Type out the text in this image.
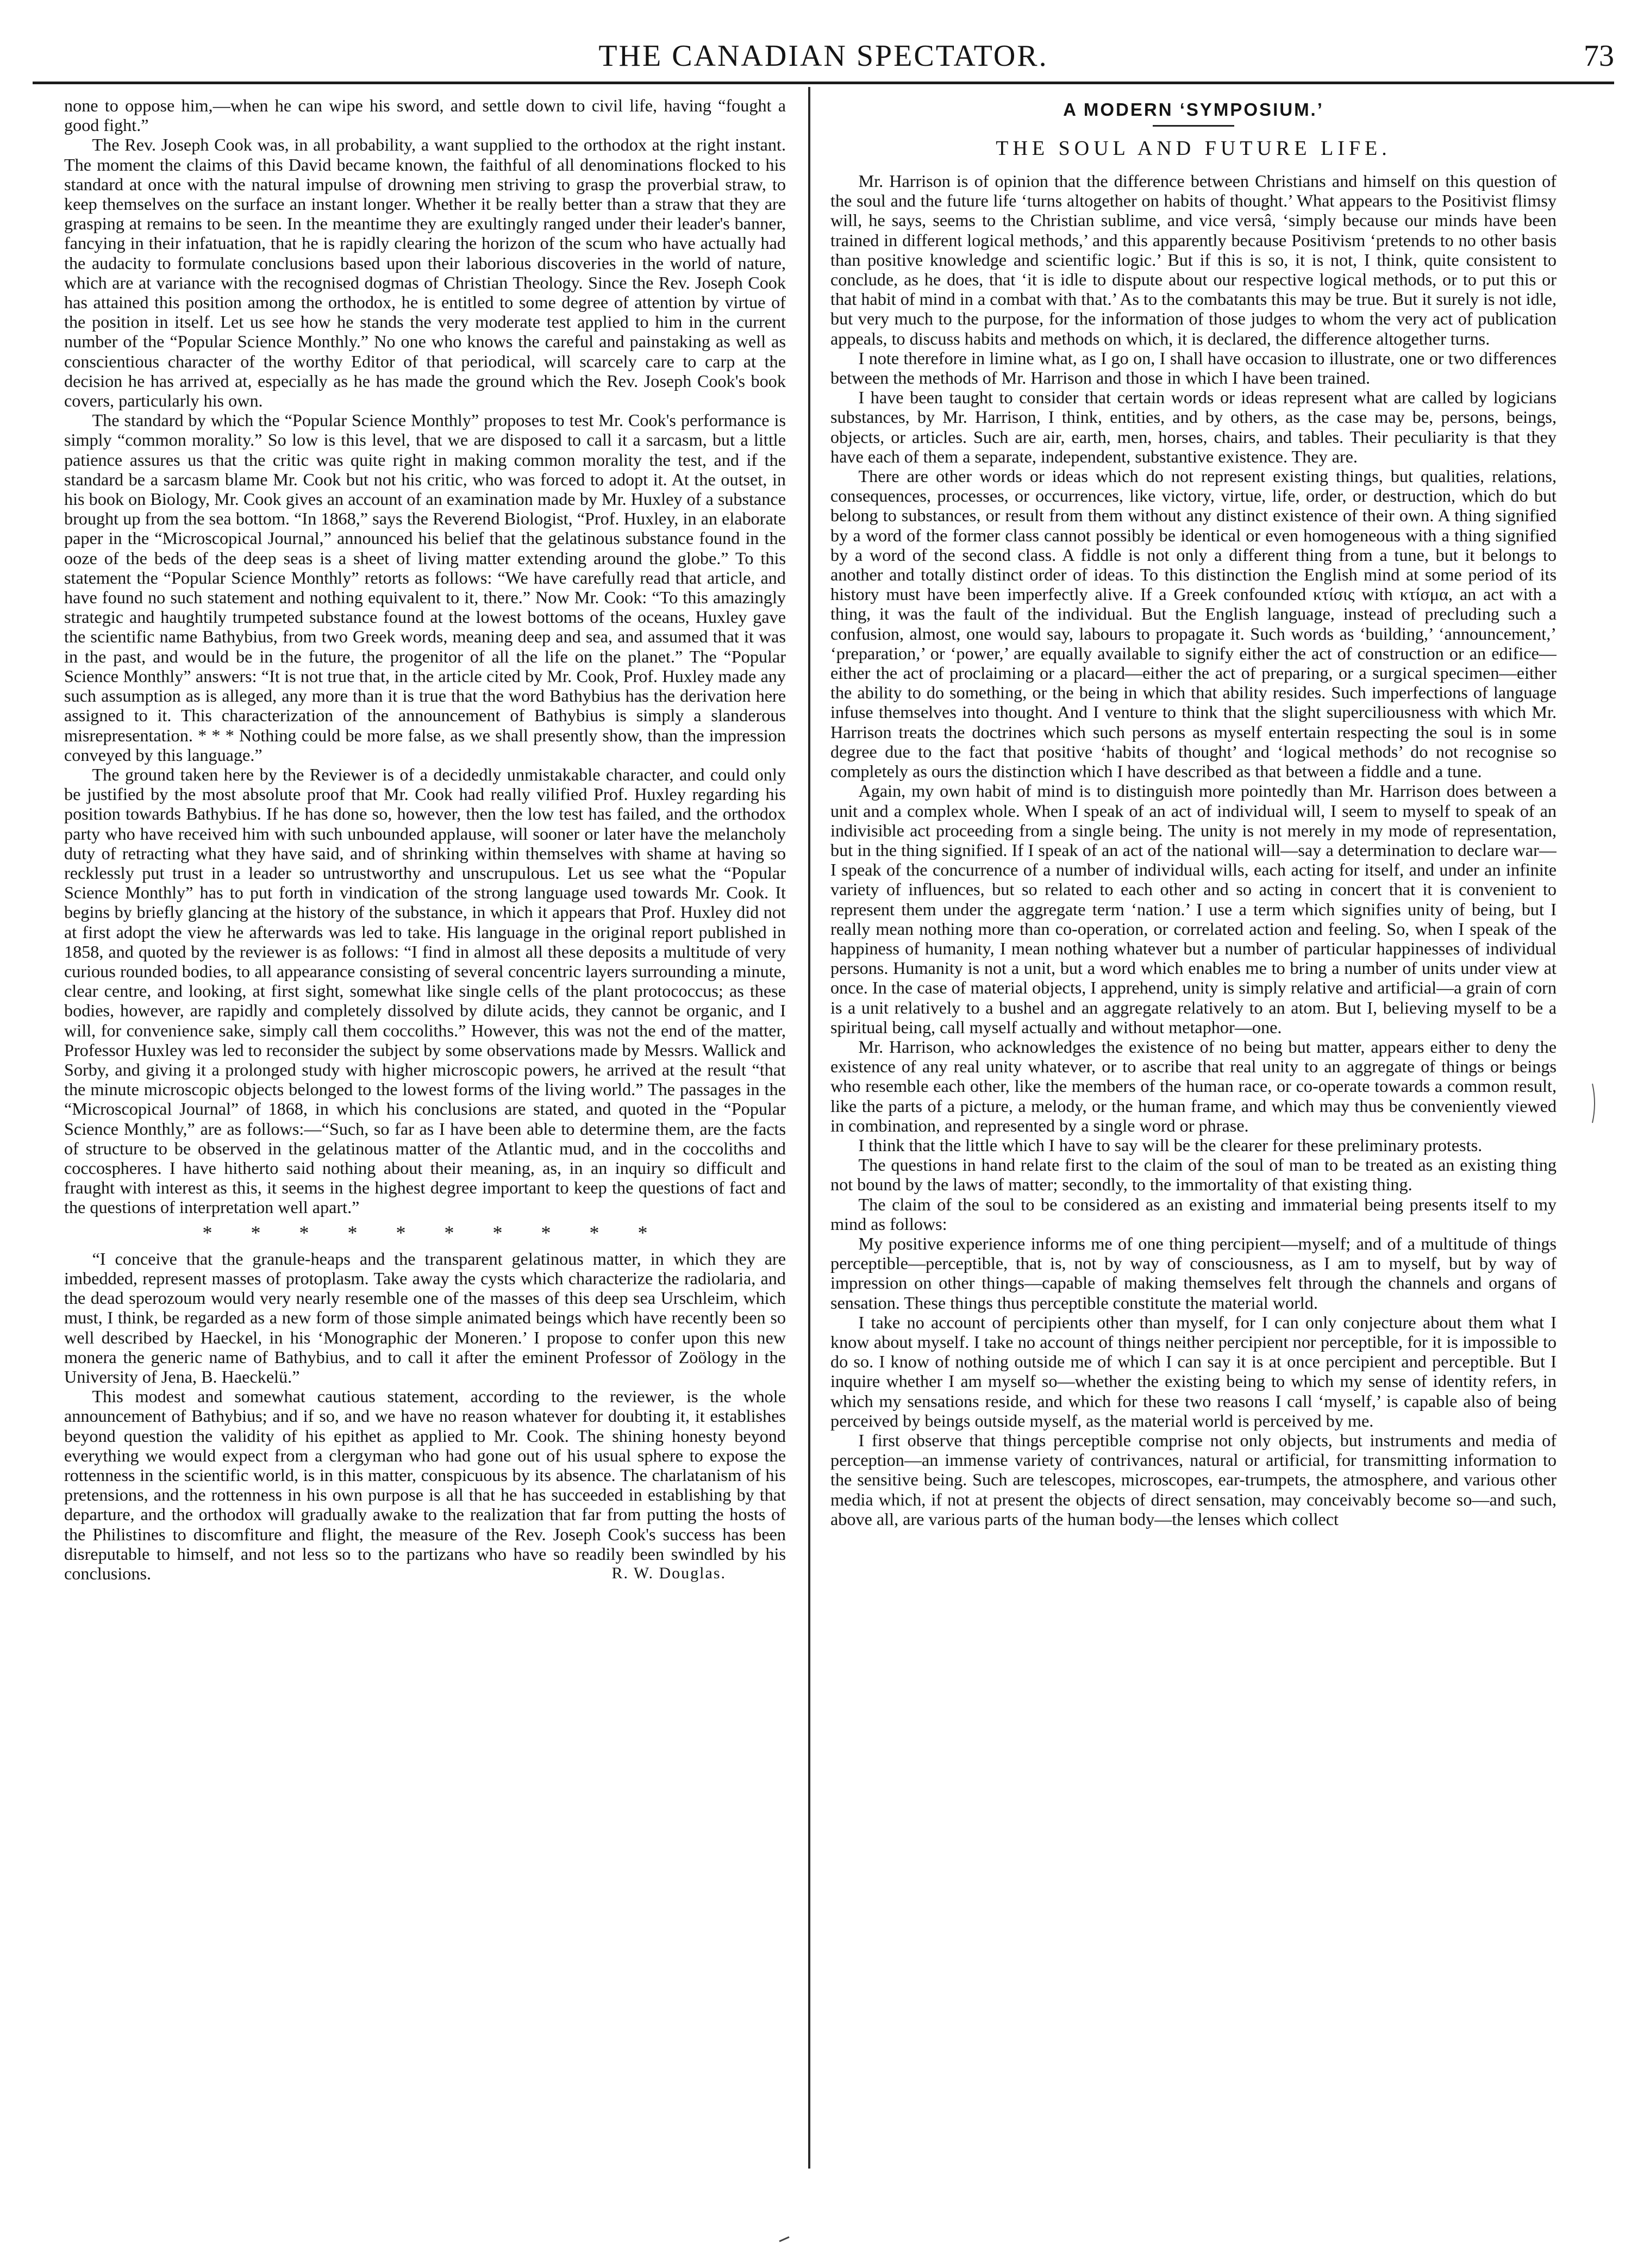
THE CANADIAN SPECTATOR.	73

none to oppose him,—when he can wipe his sword, and settle down to civil life, having “fought a good fight.”

The Rev. Joseph Cook was, in all probability, a want supplied to the orthodox at the right instant. The moment the claims of this David became known, the faithful of all denominations flocked to his standard at once with the natural impulse of drowning men striving to grasp the proverbial straw, to keep themselves on the surface an instant longer. Whether it be really better than a straw that they are grasping at remains to be seen. In the meantime they are exultingly ranged under their leader's banner, fancying in their infatuation, that he is rapidly clearing the horizon of the scum who have actually had the audacity to formulate conclusions based upon their laborious discoveries in the world of nature, which are at variance with the recognised dogmas of Christian Theology. Since the Rev. Joseph Cook has attained this position among the orthodox, he is entitled to some degree of attention by virtue of the position in itself. Let us see how he stands the very moderate test applied to him in the current number of the “Popular Science Monthly.” No one who knows the careful and painstaking as well as conscientious character of the worthy Editor of that periodical, will scarcely care to carp at the decision he has arrived at, especially as he has made the ground which the Rev. Joseph Cook's book covers, particularly his own.

The standard by which the “Popular Science Monthly” proposes to test Mr. Cook's performance is simply “common morality.” So low is this level, that we are disposed to call it a sarcasm, but a little patience assures us that the critic was quite right in making common morality the test, and if the standard be a sarcasm blame Mr. Cook but not his critic, who was forced to adopt it. At the outset, in his book on Biology, Mr. Cook gives an account of an examination made by Mr. Huxley of a substance brought up from the sea bottom. “In 1868,” says the Reverend Biologist, “Prof. Huxley, in an elaborate paper in the “Microscopical Journal,” announced his belief that the gelatinous substance found in the ooze of the beds of the deep seas is a sheet of living matter extending around the globe.” To this statement the “Popular Science Monthly” retorts as follows: “We have carefully read that article, and have found no such statement and nothing equivalent to it, there.” Now Mr. Cook: “To this amazingly strategic and haughtily trumpeted substance found at the lowest bottoms of the oceans, Huxley gave the scientific name Bathybius, from two Greek words, meaning deep and sea, and assumed that it was in the past, and would be in the future, the progenitor of all the life on the planet.” The “Popular Science Monthly” answers: “It is not true that, in the article cited by Mr. Cook, Prof. Huxley made any such assumption as is alleged, any more than it is true that the word Bathybius has the derivation here assigned to it. This characterization of the announcement of Bathybius is simply a slanderous misrepresentation. * * * Nothing could be more false, as we shall presently show, than the impression conveyed by this language.”

The ground taken here by the Reviewer is of a decidedly unmistakable character, and could only be justified by the most absolute proof that Mr. Cook had really vilified Prof. Huxley regarding his position towards Bathybius. If he has done so, however, then the low test has failed, and the orthodox party who have received him with such unbounded applause, will sooner or later have the melancholy duty of retracting what they have said, and of shrinking within themselves with shame at having so recklessly put trust in a leader so untrustworthy and unscrupulous. Let us see what the “Popular Science Monthly” has to put forth in vindication of the strong language used towards Mr. Cook. It begins by briefly glancing at the history of the substance, in which it appears that Prof. Huxley did not at first adopt the view he afterwards was led to take. His language in the original report published in 1858, and quoted by the reviewer is as follows: “I find in almost all these deposits a multitude of very curious rounded bodies, to all appearance consisting of several concentric layers surrounding a minute, clear centre, and looking, at first sight, somewhat like single cells of the plant protococcus; as these bodies, however, are rapidly and completely dissolved by dilute acids, they cannot be organic, and I will, for convenience sake, simply call them coccoliths.” However, this was not the end of the matter, Professor Huxley was led to reconsider the subject by some observations made by Messrs. Wallick and Sorby, and giving it a prolonged study with higher microscopic powers, he arrived at the result “that the minute microscopic objects belonged to the lowest forms of the living world.” The passages in the “Microscopical Journal” of 1868, in which his conclusions are stated, and quoted in the “Popular Science Monthly,” are as follows:—“Such, so far as I have been able to determine them, are the facts of structure to be observed in the gelatinous matter of the Atlantic mud, and in the coccoliths and coccospheres. I have hitherto said nothing about their meaning, as, in an inquiry so difficult and fraught with interest as this, it seems in the highest degree important to keep the questions of fact and the questions of interpretation well apart.”

* * * * * * * * * *

“I conceive that the granule-heaps and the transparent gelatinous matter, in which they are imbedded, represent masses of protoplasm. Take away the cysts which characterize the radiolaria, and the dead sperozoum would very nearly resemble one of the masses of this deep sea Urschleim, which must, I think, be regarded as a new form of those simple animated beings which have recently been so well described by Haeckel, in his ‘Monographic der Moneren.’ I propose to confer upon this new monera the generic name of Bathybius, and to call it after the eminent Professor of Zoölogy in the University of Jena, B. Haeckelü.”

This modest and somewhat cautious statement, according to the reviewer, is the whole announcement of Bathybius; and if so, and we have no reason whatever for doubting it, it establishes beyond question the validity of his epithet as applied to Mr. Cook. The shining honesty beyond everything we would expect from a clergyman who had gone out of his usual sphere to expose the rottenness in the scientific world, is in this matter, conspicuous by its absence. The charlatanism of his pretensions, and the rottenness in his own purpose is all that he has succeeded in establishing by that departure, and the orthodox will gradually awake to the realization that far from putting the hosts of the Philistines to discomfiture and flight, the measure of the Rev. Joseph Cook's success has been disreputable to himself, and not less so to the partizans who have so readily been swindled by his conclusions.	R. W. Douglas.

A MODERN ‘SYMPOSIUM.’
THE SOUL AND FUTURE LIFE.

Mr. Harrison is of opinion that the difference between Christians and himself on this question of the soul and the future life ‘turns altogether on habits of thought.’ What appears to the Positivist flimsy will, he says, seems to the Christian sublime, and vice versâ, ‘simply because our minds have been trained in different logical methods,’ and this apparently because Positivism ‘pretends to no other basis than positive knowledge and scientific logic.’ But if this is so, it is not, I think, quite consistent to conclude, as he does, that ‘it is idle to dispute about our respective logical methods, or to put this or that habit of mind in a combat with that.’ As to the combatants this may be true. But it surely is not idle, but very much to the purpose, for the information of those judges to whom the very act of publication appeals, to discuss habits and methods on which, it is declared, the difference altogether turns.

I note therefore in limine what, as I go on, I shall have occasion to illustrate, one or two differences between the methods of Mr. Harrison and those in which I have been trained.

I have been taught to consider that certain words or ideas represent what are called by logicians substances, by Mr. Harrison, I think, entities, and by others, as the case may be, persons, beings, objects, or articles. Such are air, earth, men, horses, chairs, and tables. Their peculiarity is that they have each of them a separate, independent, substantive existence. They are.

There are other words or ideas which do not represent existing things, but qualities, relations, consequences, processes, or occurrences, like victory, virtue, life, order, or destruction, which do but belong to substances, or result from them without any distinct existence of their own. A thing signified by a word of the former class cannot possibly be identical or even homogeneous with a thing signified by a word of the second class. A fiddle is not only a different thing from a tune, but it belongs to another and totally distinct order of ideas. To this distinction the English mind at some period of its history must have been imperfectly alive. If a Greek confounded κτίσις with κτίσμα, an act with a thing, it was the fault of the individual. But the English language, instead of precluding such a confusion, almost, one would say, labours to propagate it. Such words as ‘building,’ ‘announcement,’ ‘preparation,’ or ‘power,’ are equally available to signify either the act of construction or an edifice—either the act of proclaiming or a placard—either the act of preparing, or a surgical specimen—either the ability to do something, or the being in which that ability resides. Such imperfections of language infuse themselves into thought. And I venture to think that the slight superciliousness with which Mr. Harrison treats the doctrines which such persons as myself entertain respecting the soul is in some degree due to the fact that positive ‘habits of thought’ and ‘logical methods’ do not recognise so completely as ours the distinction which I have described as that between a fiddle and a tune.

Again, my own habit of mind is to distinguish more pointedly than Mr. Harrison does between a unit and a complex whole. When I speak of an act of individual will, I seem to myself to speak of an indivisible act proceeding from a single being. The unity is not merely in my mode of representation, but in the thing signified. If I speak of an act of the national will—say a determination to declare war—I speak of the concurrence of a number of individual wills, each acting for itself, and under an infinite variety of influences, but so related to each other and so acting in concert that it is convenient to represent them under the aggregate term ‘nation.’ I use a term which signifies unity of being, but I really mean nothing more than co-operation, or correlated action and feeling. So, when I speak of the happiness of humanity, I mean nothing whatever but a number of particular happinesses of individual persons. Humanity is not a unit, but a word which enables me to bring a number of units under view at once. In the case of material objects, I apprehend, unity is simply relative and artificial—a grain of corn is a unit relatively to a bushel and an aggregate relatively to an atom. But I, believing myself to be a spiritual being, call myself actually and without metaphor—one.

Mr. Harrison, who acknowledges the existence of no being but matter, appears either to deny the existence of any real unity whatever, or to ascribe that real unity to an aggregate of things or beings who resemble each other, like the members of the human race, or co-operate towards a common result, like the parts of a picture, a melody, or the human frame, and which may thus be conveniently viewed in combination, and represented by a single word or phrase.

I think that the little which I have to say will be the clearer for these preliminary protests.

The questions in hand relate first to the claim of the soul of man to be treated as an existing thing not bound by the laws of matter; secondly, to the immortality of that existing thing.

The claim of the soul to be considered as an existing and immaterial being presents itself to my mind as follows:

My positive experience informs me of one thing percipient—myself; and of a multitude of things perceptible—perceptible, that is, not by way of consciousness, as I am to myself, but by way of impression on other things—capable of making themselves felt through the channels and organs of sensation. These things thus perceptible constitute the material world.

I take no account of percipients other than myself, for I can only conjecture about them what I know about myself. I take no account of things neither percipient nor perceptible, for it is impossible to do so. I know of nothing outside me of which I can say it is at once percipient and perceptible. But I inquire whether I am myself so—whether the existing being to which my sense of identity refers, in which my sensations reside, and which for these two reasons I call ‘myself,’ is capable also of being perceived by beings outside myself, as the material world is perceived by me.

I first observe that things perceptible comprise not only objects, but instruments and media of perception—an immense variety of contrivances, natural or artificial, for transmitting information to the sensitive being. Such are telescopes, microscopes, ear-trumpets, the atmosphere, and various other media which, if not at present the objects of direct sensation, may conceivably become so—and such, above all, are various parts of the human body—the lenses which collect
